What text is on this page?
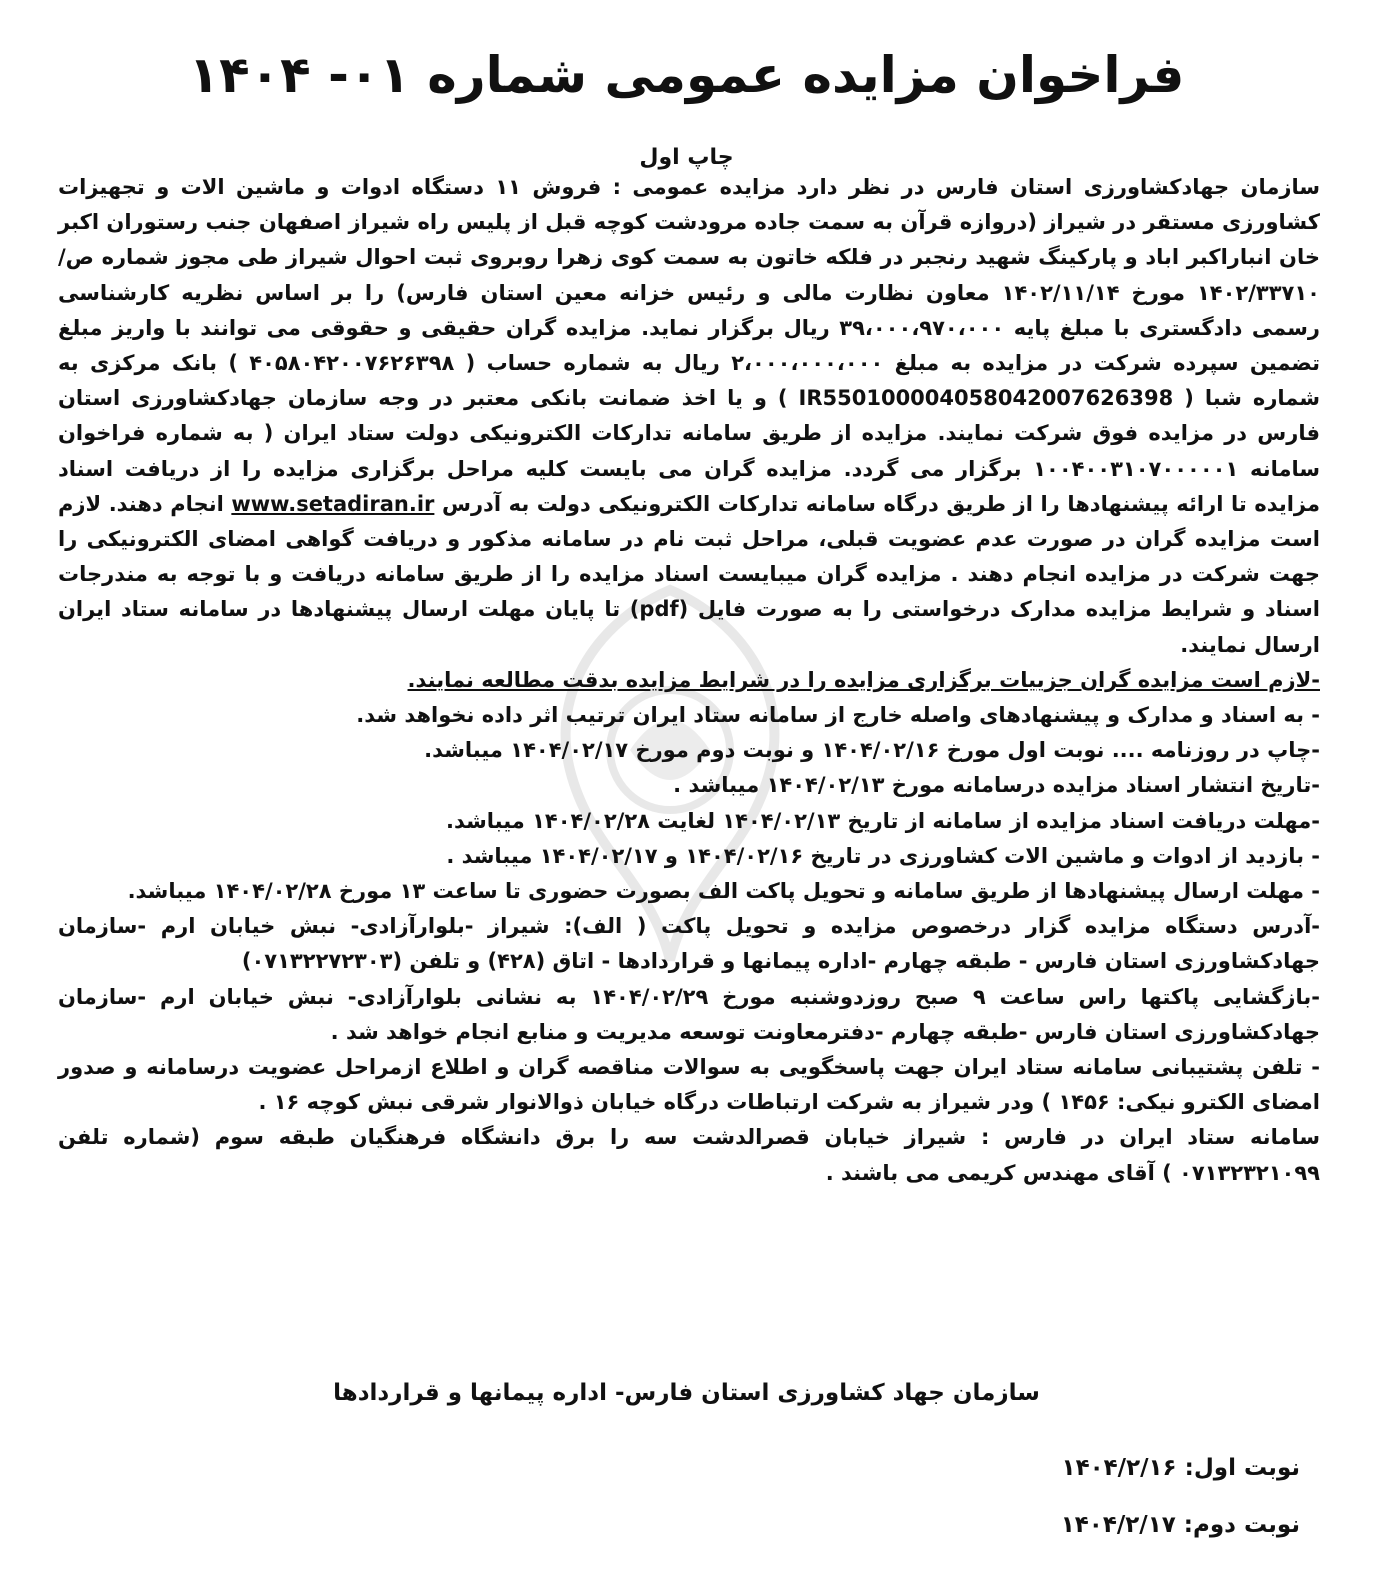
فراخوان مزایده عمومی شماره ۰۱- ۱۴۰۴
چاپ اول

سازمان جهادکشاورزی استان فارس در نظر دارد مزایده عمومی : فروش ۱۱ دستگاه ادوات و ماشین الات و تجهیزات کشاورزی مستقر در شیراز (دروازه قرآن به سمت جاده مرودشت کوچه قبل از پلیس راه شیراز اصفهان جنب رستوران اکبر خان انباراکبر اباد و پارکینگ شهید رنجبر در فلکه خاتون به سمت کوی زهرا روبروی ثبت احوال شیراز طی مجوز شماره ص/۱۴۰۲/۳۳۷۱۰ مورخ ۱۴۰۲/۱۱/۱۴ معاون نظارت مالی و رئیس خزانه معین استان فارس) را بر اساس نظریه کارشناسی رسمی دادگستری با مبلغ پایه ۳۹،۰۰۰،۹۷۰،۰۰۰ ریال برگزار نماید. مزایده گران حقیقی و حقوقی می توانند با واریز مبلغ تضمین سپرده شرکت در مزایده به مبلغ ۲،۰۰۰،۰۰۰،۰۰۰ ریال به شماره حساب ( ۴۰۵۸۰۴۲۰۰۷۶۲۶۳۹۸ ) بانک مرکزی به شماره شبا ( IR550100004058042007626398 ) و یا اخذ ضمانت بانکی معتبر در وجه سازمان جهادکشاورزی استان فارس در مزایده فوق شرکت نمایند. مزایده از طریق سامانه تدارکات الکترونیکی دولت ستاد ایران ( به شماره فراخوان سامانه ۱۰۰۴۰۰۳۱۰۷۰۰۰۰۰۱ برگزار می گردد. مزایده گران می بایست کلیه مراحل برگزاری مزایده را از دریافت اسناد مزایده تا ارائه پیشنهادها را از طریق درگاه سامانه تدارکات الکترونیکی دولت به آدرس www.setadiran.ir انجام دهند. لازم است مزایده گران در صورت عدم عضویت قبلی، مراحل ثبت نام در سامانه مذکور و دریافت گواهی امضای الکترونیکی را جهت شرکت در مزایده انجام دهند . مزایده گران میبایست اسناد مزایده را از طریق سامانه دریافت و با توجه به مندرجات اسناد و شرایط مزایده مدارک درخواستی را به صورت فایل (pdf) تا پایان مهلت ارسال پیشنهادها در سامانه ستاد ایران ارسال نمایند.

-لازم است مزایده گران جزییات برگزاری مزایده را در شرایط مزایده بدقت مطالعه نمایند.

- به اسناد و مدارک و پیشنهادهای واصله خارج از سامانه ستاد ایران ترتیب اثر داده نخواهد شد.

-چاپ در روزنامه .... نوبت اول مورخ ۱۴۰۴/۰۲/۱۶ و نوبت دوم مورخ ۱۴۰۴/۰۲/۱۷ میباشد.

-تاریخ انتشار اسناد مزایده درسامانه مورخ ۱۴۰۴/۰۲/۱۳ میباشد .

-مهلت دریافت اسناد مزایده از سامانه از تاریخ ۱۴۰۴/۰۲/۱۳ لغایت ۱۴۰۴/۰۲/۲۸ میباشد.

- بازدید از ادوات و ماشین الات کشاورزی در تاریخ ۱۴۰۴/۰۲/۱۶ و ۱۴۰۴/۰۲/۱۷ میباشد .

- مهلت ارسال پیشنهادها از طریق سامانه و تحویل پاکت الف بصورت حضوری تا ساعت ۱۳ مورخ ۱۴۰۴/۰۲/۲۸ میباشد.

-آدرس دستگاه مزایده گزار درخصوص مزایده و تحویل پاکت ( الف): شیراز -بلوارآزادی- نبش خیابان ارم -سازمان جهادکشاورزی استان فارس - طبقه چهارم -اداره پیمانها و قراردادها - اتاق (۴۲۸) و تلفن (۰۷۱۳۲۲۷۲۳۰۳)

-بازگشایی پاکتها راس ساعت ۹ صبح روزدوشنبه مورخ ۱۴۰۴/۰۲/۲۹ به نشانی بلوارآزادی- نبش خیابان ارم -سازمان جهادکشاورزی استان فارس -طبقه چهارم -دفترمعاونت توسعه مدیریت و منابع انجام خواهد شد .

- تلفن پشتیبانی سامانه ستاد ایران جهت پاسخگویی به سوالات مناقصه گران و اطلاع ازمراحل عضویت درسامانه و صدور امضای الکترو نیکی: ۱۴۵۶ ) ودر شیراز به شرکت ارتباطات درگاه خیابان ذوالانوار شرقی نبش کوچه ۱۶ .

سامانه ستاد ایران در فارس : شیراز خیابان قصرالدشت سه را برق دانشگاه فرهنگیان طبقه سوم (شماره تلفن ۰۷۱۳۲۳۲۱۰۹۹ ) آقای مهندس کریمی می باشند .

سازمان جهاد کشاورزی استان فارس- اداره پیمانها و قراردادها
نوبت اول: ۱۴۰۴/۲/۱۶
نوبت دوم: ۱۴۰۴/۲/۱۷
